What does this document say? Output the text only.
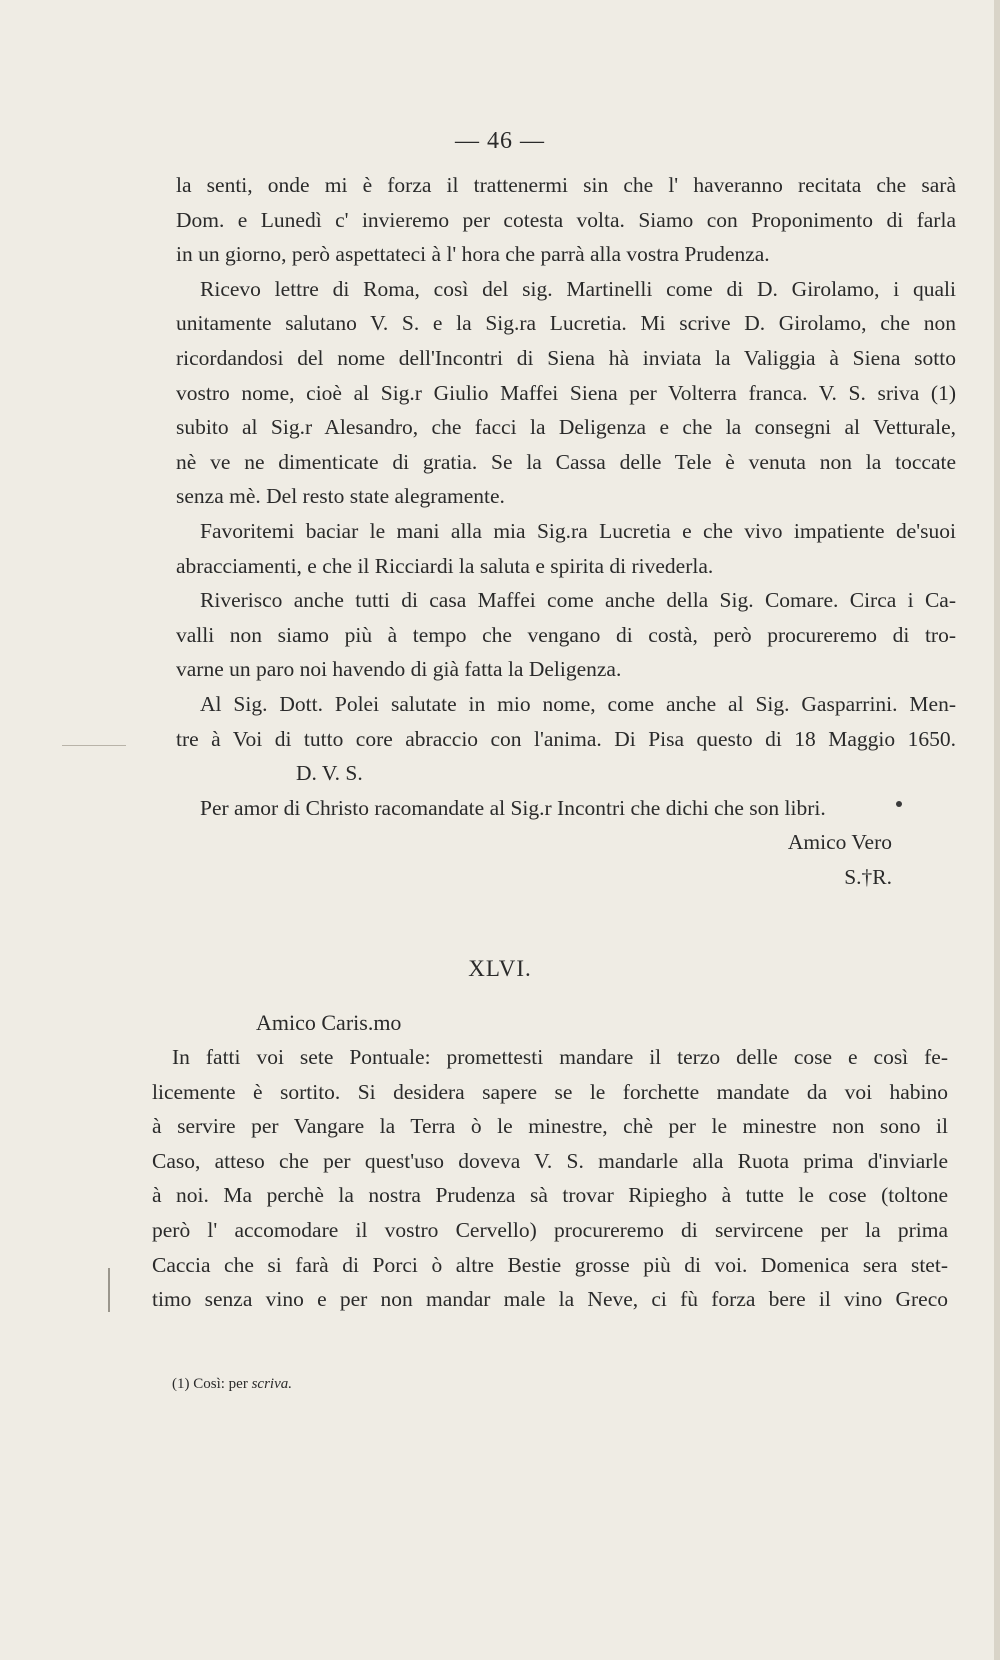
— 46 —
la senti, onde mi è forza il trattenermi sin che l' haveranno recitata che sarà
Dom. e Lunedì c' invieremo per cotesta volta. Siamo con Proponimento di farla
in un giorno, però aspettateci à l' hora che parrà alla vostra Prudenza.
Ricevo lettre di Roma, così del sig. Martinelli come di D. Girolamo, i quali
unitamente salutano V. S. e la Sig.ra Lucretia. Mi scrive D. Girolamo, che non
ricordandosi del nome dell'Incontri di Siena hà inviata la Valiggia à Siena sotto
vostro nome, cioè al Sig.r Giulio Maffei Siena per Volterra franca. V. S. sriva (1)
subito al Sig.r Alesandro, che facci la Deligenza e che la consegni al Vetturale,
nè ve ne dimenticate di gratia. Se la Cassa delle Tele è venuta non la toccate
senza mè. Del resto state alegramente.
Favoritemi baciar le mani alla mia Sig.ra Lucretia e che vivo impatiente de'suoi
abracciamenti, e che il Ricciardi la saluta e spirita di rivederla.
Riverisco anche tutti di casa Maffei come anche della Sig. Comare. Circa i Ca-
valli non siamo più à tempo che vengano di costà, però procureremo di tro-
varne un paro noi havendo di già fatta la Deligenza.
Al Sig. Dott. Polei salutate in mio nome, come anche al Sig. Gasparrini. Men-
tre à Voi di tutto core abraccio con l'anima. Di Pisa questo di 18 Maggio 1650.
D. V. S.
Per amor di Christo racomandate al Sig.r Incontri che dichi che son libri.
Amico Vero
S.†R.
XLVI.
Amico Caris.mo
In fatti voi sete Pontuale: promettesti mandare il terzo delle cose e così fe-
licemente è sortito. Si desidera sapere se le forchette mandate da voi habino
à servire per Vangare la Terra ò le minestre, chè per le minestre non sono il
Caso, atteso che per quest'uso doveva V. S. mandarle alla Ruota prima d'inviarle
à noi. Ma perchè la nostra Prudenza sà trovar Ripiegho à tutte le cose (toltone
però l' accomodare il vostro Cervello) procureremo di servircene per la prima
Caccia che si farà di Porci ò altre Bestie grosse più di voi. Domenica sera stet-
timo senza vino e per non mandar male la Neve, ci fù forza bere il vino Greco
(1) Così: per scriva.
